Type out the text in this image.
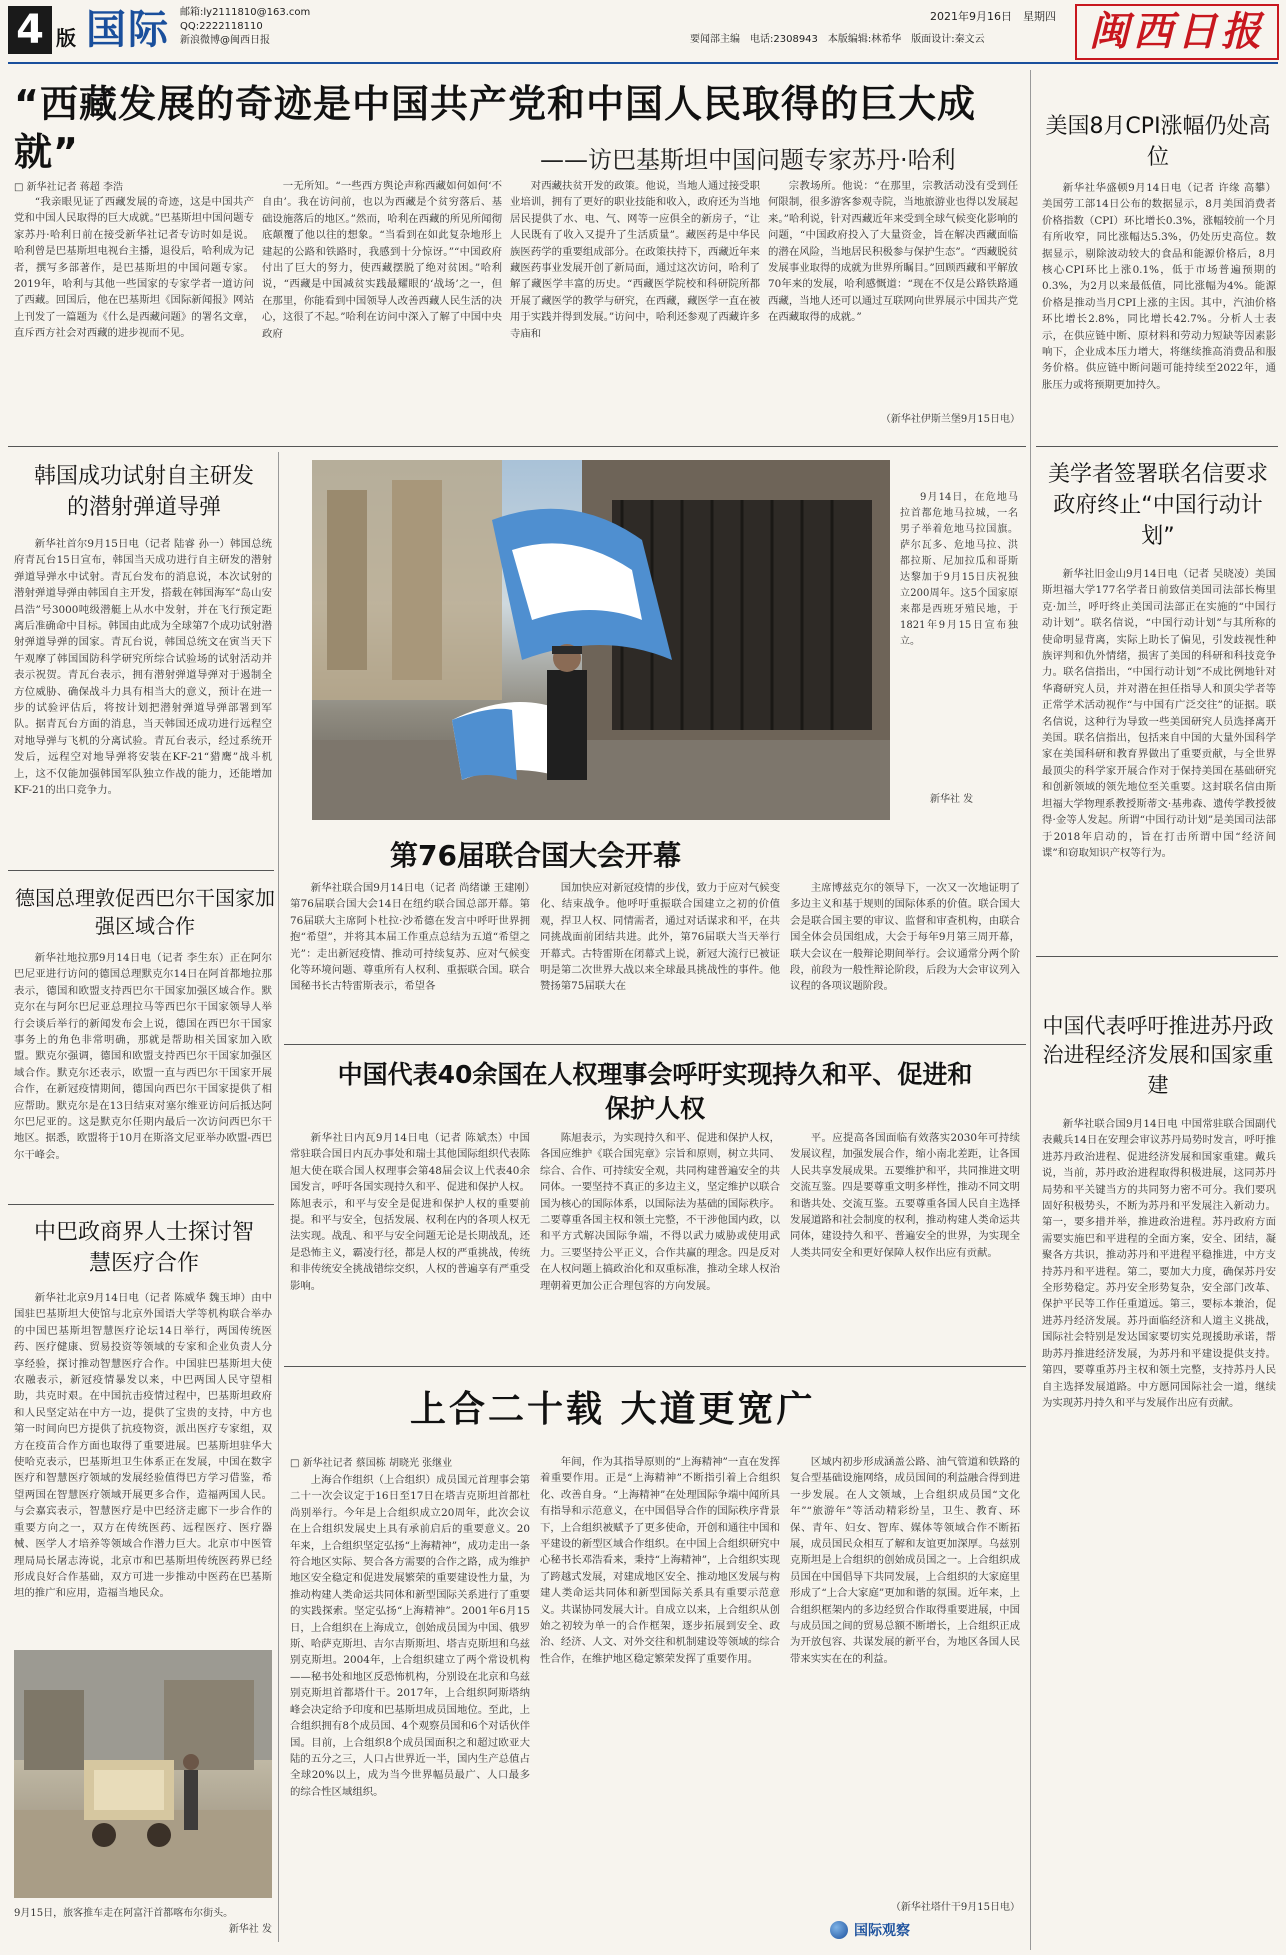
4 版 国际 邮箱:ly2111810@163.com
QQ:2222118110
新浪微博@闽西日报
2021年9月16日　星期四
要闻部主编　电话:2308943　本版编辑:林希华　版面设计:秦文云	闽西日报
“西藏发展的奇迹是中国共产党和中国人民取得的巨大成就”	——访巴基斯坦中国问题专家苏丹·哈利
□ 新华社记者 蒋超 李浩

“我亲眼见证了西藏发展的奇迹，这是中国共产党和中国人民取得的巨大成就。”巴基斯坦中国问题专家苏丹·哈利日前在接受新华社记者专访时如是说。哈利曾是巴基斯坦电视台主播，退役后，哈利成为记者，撰写多部著作，是巴基斯坦的中国问题专家。2019年，哈利与其他一些国家的专家学者一道访问了西藏。回国后，他在巴基斯坦《国际新闻报》网站上刊发了一篇题为《什么是西藏问题》的署名文章，直斥西方社会对西藏的进步视而不见。

一无所知。“一些西方舆论声称西藏如何如何‘不自由’。我在访问前，也以为西藏是个贫穷落后、基础设施落后的地区。”然而，哈利在西藏的所见所闻彻底颠覆了他以往的想象。“当看到在如此复杂地形上建起的公路和铁路时，我感到十分惊讶。”“中国政府付出了巨大的努力，使西藏摆脱了绝对贫困。”哈利说，“西藏是中国减贫实践最耀眼的‘战场’之一，但在那里，你能看到中国领导人改善西藏人民生活的决心，这很了不起。”哈利在访问中深入了解了中国中央政府

对西藏扶贫开发的政策。他说，当地人通过接受职业培训，拥有了更好的职业技能和收入，政府还为当地居民提供了水、电、气、网等一应俱全的新房子，“让人民既有了收入又提升了生活质量”。藏医药是中华民族医药学的重要组成部分。在政策扶持下，西藏近年来藏医药事业发展开创了新局面，通过这次访问，哈利了解了藏医学丰富的历史。“西藏医学院校和科研院所都开展了藏医学的教学与研究，在西藏，藏医学一直在被用于实践并得到发展。”访问中，哈利还参观了西藏许多寺庙和

宗教场所。他说：“在那里，宗教活动没有受到任何限制，很多游客参观寺院，当地旅游业也得以发展起来。”哈利说，针对西藏近年来受到全球气候变化影响的问题，“中国政府投入了大量资金，旨在解决西藏面临的潜在风险，当地居民积极参与保护生态”。“西藏脱贫发展事业取得的成就为世界所瞩目。”回顾西藏和平解放70年来的发展，哈利感慨道：“现在不仅是公路铁路通西藏，当地人还可以通过互联网向世界展示中国共产党在西藏取得的成就。”

（新华社伊斯兰堡9月15日电）
美国8月CPI涨幅仍处高位

新华社华盛顿9月14日电（记者 许缘 高攀）美国劳工部14日公布的数据显示，8月美国消费者价格指数（CPI）环比增长0.3%，涨幅较前一个月有所收窄，同比涨幅达5.3%，仍处历史高位。数据显示，剔除波动较大的食品和能源价格后，8月核心CPI环比上涨0.1%，低于市场普遍预期的0.3%，为2月以来最低值，同比涨幅为4%。能源价格是推动当月CPI上涨的主因。其中，汽油价格环比增长2.8%，同比增长42.7%。分析人士表示，在供应链中断、原材料和劳动力短缺等因素影响下，企业成本压力增大，将继续推高消费品和服务价格。供应链中断问题可能持续至2022年，通胀压力或将预期更加持久。

韩国成功试射自主研发的潜射弹道导弹

新华社首尔9月15日电（记者 陆睿 孙一）韩国总统府青瓦台15日宣布，韩国当天成功进行自主研发的潜射弹道导弹水中试射。青瓦台发布的消息说，本次试射的潜射弹道导弹由韩国自主开发，搭载在韩国海军“岛山安昌浩”号3000吨级潜艇上从水中发射，并在飞行预定距离后准确命中目标。韩国由此成为全球第7个成功试射潜射弹道导弹的国家。青瓦台说，韩国总统文在寅当天下午观摩了韩国国防科学研究所综合试验场的试射活动并表示祝贺。青瓦台表示，拥有潜射弹道导弹对于遏制全方位威胁、确保战斗力具有相当大的意义，预计在进一步的试验评估后，将按计划把潜射弹道导弹部署到军队。据青瓦台方面的消息，当天韩国还成功进行远程空对地导弹与飞机的分离试验。青瓦台表示，经过系统开发后，远程空对地导弹将安装在KF-21“猎鹰”战斗机上，这不仅能加强韩国军队独立作战的能力，还能增加KF-21的出口竞争力。

9月14日，在危地马拉首都危地马拉城，一名男子举着危地马拉国旗。萨尔瓦多、危地马拉、洪都拉斯、尼加拉瓜和哥斯达黎加于9月15日庆祝独立200周年。这5个国家原来都是西班牙殖民地，于1821年9月15日宣布独立。

新华社 发
美学者签署联名信要求政府终止“中国行动计划”

新华社旧金山9月14日电（记者 吴晓凌）美国斯坦福大学177名学者日前致信美国司法部长梅里克·加兰，呼吁终止美国司法部正在实施的“中国行动计划”。联名信说，“中国行动计划”与其所称的使命明显背离，实际上助长了偏见，引发歧视性种族评判和仇外情绪，损害了美国的科研和科技竞争力。联名信指出，“中国行动计划”不成比例地针对华裔研究人员，并对潜在担任指导人和顶尖学者等正常学术活动视作“与中国有广泛交往”的证据。联名信说，这种行为导致一些美国研究人员选择离开美国。联名信指出，包括来自中国的大量外国科学家在美国科研和教育界做出了重要贡献，与全世界最顶尖的科学家开展合作对于保持美国在基础研究和创新领域的领先地位至关重要。这封联名信由斯坦福大学物理系教授斯蒂文·基弗森、遗传学教授彼得·金等人发起。所谓“中国行动计划”是美国司法部于2018年启动的，旨在打击所谓中国“经济间谍”和窃取知识产权等行为。

第76届联合国大会开幕

新华社联合国9月14日电（记者 尚绪谦 王建刚）第76届联合国大会14日在纽约联合国总部开幕。第76届联大主席阿卜杜拉·沙希德在发言中呼吁世界拥抱“希望”，并将其本届工作重点总结为五道“希望之光”：走出新冠疫情、推动可持续复苏、应对气候变化等环境问题、尊重所有人权利、重振联合国。联合国秘书长古特雷斯表示，希望各

国加快应对新冠疫情的步伐，致力于应对气候变化、结束战争。他呼吁重振联合国建立之初的价值观，捍卫人权、同情需者，通过对话谋求和平，在共同挑战面前团结共进。此外，第76届联大当天举行开幕式。古特雷斯在闭幕式上说，新冠大流行已被证明是第二次世界大战以来全球最具挑战性的事件。他赞扬第75届联大在

主席博兹克尔的领导下，一次又一次地证明了多边主义和基于规则的国际体系的价值。联合国大会是联合国主要的审议、监督和审查机构，由联合国全体会员国组成，大会于每年9月第三周开幕，联大会议在一般辩论期间举行。会议通常分两个阶段，前段为一般性辩论阶段，后段为大会审议列入议程的各项议题阶段。

德国总理敦促西巴尔干国家加强区域合作

新华社地拉那9月14日电（记者 李生东）正在阿尔巴尼亚进行访问的德国总理默克尔14日在阿首都地拉那表示，德国和欧盟支持西巴尔干国家加强区域合作。默克尔在与阿尔巴尼亚总理拉马等西巴尔干国家领导人举行会谈后举行的新闻发布会上说，德国在西巴尔干国家事务上的角色非常明确，那就是帮助相关国家加入欧盟。默克尔强调，德国和欧盟支持西巴尔干国家加强区域合作。默克尔还表示，欧盟一直与西巴尔干国家开展合作，在新冠疫情期间，德国向西巴尔干国家提供了相应帮助。默克尔是在13日结束对塞尔维亚访问后抵达阿尔巴尼亚的。这是默克尔任期内最后一次访问西巴尔干地区。据悉，欧盟将于10月在斯洛文尼亚举办欧盟-西巴尔干峰会。

中国代表40余国在人权理事会呼吁实现持久和平、促进和保护人权

新华社日内瓦9月14日电（记者 陈斌杰）中国常驻联合国日内瓦办事处和瑞士其他国际组织代表陈旭大使在联合国人权理事会第48届会议上代表40余国发言，呼吁各国实现持久和平、促进和保护人权。陈旭表示，和平与安全是促进和保护人权的重要前提。和平与安全，包括发展、权利在内的各项人权无法实现。战乱、和平与安全问题无论是长期战乱，还是恐怖主义，霸凌行径，都是人权的严重挑战，传统和非传统安全挑战错综交织，人权的普遍享有严重受影响。

陈旭表示，为实现持久和平、促进和保护人权，各国应维护《联合国宪章》宗旨和原则，树立共同、综合、合作、可持续安全观，共同构建普遍安全的共同体。一要坚持不真正的多边主义，坚定维护以联合国为核心的国际体系，以国际法为基础的国际秩序。二要尊重各国主权和领土完整，不干涉他国内政，以和平方式解决国际争端，不得以武力威胁或使用武力。三要坚持公平正义，合作共赢的理念。四是反对在人权问题上搞政治化和双重标准，推动全球人权治理朝着更加公正合理包容的方向发展。

平。应提高各国面临有效落实2030年可持续发展议程，加强发展合作，缩小南北差距，让各国人民共享发展成果。五要维护和平，共同推进文明交流互鉴。四是要尊重文明多样性，推动不同文明和谐共处、交流互鉴。五要尊重各国人民自主选择发展道路和社会制度的权利，推动构建人类命运共同体，建设持久和平、普遍安全的世界，为实现全人类共同安全和更好保障人权作出应有贡献。

中国代表呼吁推进苏丹政治进程经济发展和国家重建

新华社联合国9月14日电 中国常驻联合国副代表戴兵14日在安理会审议苏丹局势时发言，呼吁推进苏丹政治进程、促进经济发展和国家重建。戴兵说，当前，苏丹政治进程取得积极进展，这同苏丹局势和平关键当方的共同努力密不可分。我们要巩固好积极势头，不断为苏丹和平发展注入新动力。第一，要多措并举，推进政治进程。苏丹政府方面需要实施巴和平进程的全面方案，安全、团结，凝聚各方共识，推动苏丹和平进程平稳推进，中方支持苏丹和平进程。第二，要加大力度，确保苏丹安全形势稳定。苏丹安全形势复杂，安全部门改革、保护平民等工作任重道远。第三，要标本兼治，促进苏丹经济发展。苏丹面临经济和人道主义挑战，国际社会特别是发达国家要切实兑现援助承诺，帮助苏丹推进经济发展，为苏丹和平建设提供支持。第四，要尊重苏丹主权和领土完整，支持苏丹人民自主选择发展道路。中方愿同国际社会一道，继续为实现苏丹持久和平与发展作出应有贡献。

中巴政商界人士探讨智慧医疗合作

新华社北京9月14日电（记者 陈威华 魏玉坤）由中国驻巴基斯坦大使馆与北京外国语大学等机构联合举办的中国巴基斯坦智慧医疗论坛14日举行，两国传统医药、医疗健康、贸易投资等领域的专家和企业负责人分享经验，探讨推动智慧医疗合作。中国驻巴基斯坦大使农融表示，新冠疫情暴发以来，中巴两国人民守望相助，共克时艰。在中国抗击疫情过程中，巴基斯坦政府和人民坚定站在中方一边，提供了宝贵的支持，中方也第一时间向巴方提供了抗疫物资，派出医疗专家组，双方在疫苗合作方面也取得了重要进展。巴基斯坦驻华大使哈克表示，巴基斯坦卫生体系正在发展，中国在数字医疗和智慧医疗领域的发展经验值得巴方学习借鉴，希望两国在智慧医疗领域开展更多合作，造福两国人民。与会嘉宾表示，智慧医疗是中巴经济走廊下一步合作的重要方向之一，双方在传统医药、远程医疗、医疗器械、医学人才培养等领域合作潜力巨大。北京市中医管理局局长屠志涛说，北京市和巴基斯坦传统医药界已经形成良好合作基础，双方可进一步推动中医药在巴基斯坦的推广和应用，造福当地民众。

9月15日，旅客推车走在阿富汗首都喀布尔街头。
新华社 发
上合二十载 大道更宽广
□ 新华社记者 蔡国栋 胡晓光 张继业

上海合作组织（上合组织）成员国元首理事会第二十一次会议定于16日至17日在塔吉克斯坦首都杜尚别举行。今年是上合组织成立20周年，此次会议在上合组织发展史上具有承前启后的重要意义。20年来，上合组织坚定弘扬“上海精神”，成功走出一条符合地区实际、契合各方需要的合作之路，成为维护地区安全稳定和促进发展繁荣的重要建设性力量，为推动构建人类命运共同体和新型国际关系进行了重要的实践探索。坚定弘扬“上海精神”。2001年6月15日，上合组织在上海成立，创始成员国为中国、俄罗斯、哈萨克斯坦、吉尔吉斯斯坦、塔吉克斯坦和乌兹别克斯坦。2004年，上合组织建立了两个常设机构——秘书处和地区反恐怖机构，分别设在北京和乌兹别克斯坦首都塔什干。2017年，上合组织阿斯塔纳峰会决定给予印度和巴基斯坦成员国地位。至此，上合组织拥有8个成员国、4个观察员国和6个对话伙伴国。目前，上合组织8个成员国面积之和超过欧亚大陆的五分之三，人口占世界近一半，国内生产总值占全球20%以上，成为当今世界幅员最广、人口最多的综合性区域组织。

年间，作为其指导原则的“上海精神”一直在发挥着重要作用。正是“上海精神”不断指引着上合组织化、改善自身。“上海精神”在处理国际争端中闻所具有指导和示范意义，在中国倡导合作的国际秩序背景下，上合组织被赋予了更多使命，开创和通往中国和平建设的新型区域合作组织。在中国上合组织研究中心秘书长邓浩看来，秉持“上海精神”，上合组织实现了跨越式发展，对建成地区安全、推动地区发展与构建人类命运共同体和新型国际关系具有重要示范意义。共谋协同发展大计。自成立以来，上合组织从创始之初较为单一的合作框架，逐步拓展到安全、政治、经济、人文、对外交往和机制建设等领域的综合性合作，在维护地区稳定繁荣发挥了重要作用。

区域内初步形成涵盖公路、油气管道和铁路的复合型基础设施网络，成员国间的利益融合得到进一步发展。在人文领域，上合组织成员国“文化年”“旅游年”等活动精彩纷呈，卫生、教育、环保、青年、妇女、智库、媒体等领域合作不断拓展，成员国民众相互了解和友谊更加深厚。乌兹别克斯坦是上合组织的创始成员国之一。上合组织成员国在中国倡导下共同发展，上合组织的大家庭里形成了“上合大家庭”更加和谐的氛围。近年来，上合组织框架内的多边经贸合作取得重要进展，中国与成员国之间的贸易总额不断增长，上合组织正成为开放包容、共谋发展的新平台，为地区各国人民带来实实在在的利益。

（新华社塔什干9月15日电）
国际观察
